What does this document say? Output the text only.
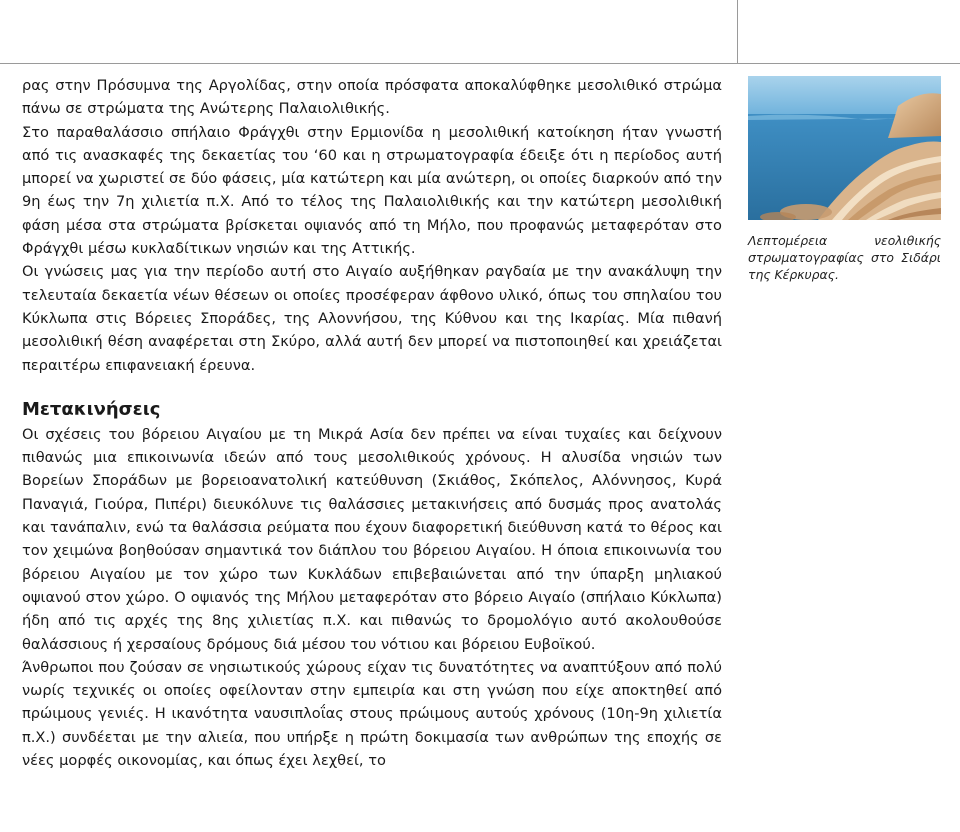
ρας στην Πρόσυμνα της Αργολίδας, στην οποία πρόσφατα αποκαλύφθηκε μεσολιθικό στρώμα πάνω σε στρώματα της Ανώτερης Παλαιολιθικής.

Στο παραθαλάσσιο σπήλαιο Φράγχθι στην Ερμιονίδα η μεσολιθική κατοίκηση ήταν γνωστή από τις ανασκαφές της δεκαετίας του ‘60 και η στρωματογραφία έδειξε ότι η περίοδος αυτή μπορεί να χωριστεί σε δύο φάσεις, μία κατώτερη και μία ανώτερη, οι οποίες διαρκούν από την 9η έως την 7η χιλιετία π.Χ. Από το τέλος της Παλαιολιθικής και την κατώτερη μεσολιθική φάση μέσα στα στρώματα βρίσκεται οψιανός από τη Μήλο, που προφανώς μεταφερόταν στο Φράγχθι μέσω κυκλαδίτικων νησιών και της Αττικής.

Οι γνώσεις μας για την περίοδο αυτή στο Αιγαίο αυξήθηκαν ραγδαία με την ανακάλυψη την τελευταία δεκαετία νέων θέσεων οι οποίες προσέφεραν άφθονο υλικό, όπως του σπηλαίου του Κύκλωπα στις Βόρειες Σποράδες, της Αλοννήσου, της Κύθνου και της Ικαρίας. Μία πιθανή μεσολιθική θέση αναφέρεται στη Σκύρο, αλλά αυτή δεν μπορεί να πιστοποιηθεί και χρειάζεται περαιτέρω επιφανειακή έρευνα.

Μετακινήσεις

Οι σχέσεις του βόρειου Αιγαίου με τη Μικρά Ασία δεν πρέπει να είναι τυχαίες και δείχνουν πιθανώς μια επικοινωνία ιδεών από τους μεσολιθικούς χρόνους. Η αλυσίδα νησιών των Βορείων Σποράδων με βορειοανατολική κατεύθυνση (Σκιάθος, Σκόπελος, Αλόννησος, Κυρά Παναγιά, Γιούρα, Πιπέρι) διευκόλυνε τις θαλάσσιες μετακινήσεις από δυσμάς προς ανατολάς και τανάπαλιν, ενώ τα θαλάσσια ρεύματα που έχουν διαφορετική διεύθυνση κατά το θέρος και τον χειμώνα βοηθούσαν σημαντικά τον διάπλου του βόρειου Αιγαίου. Η όποια επικοινωνία του βόρειου Αιγαίου με τον χώρο των Κυκλάδων επιβεβαιώνεται από την ύπαρξη μηλιακού οψιανού στον χώρο. Ο οψιανός της Μήλου μεταφερόταν στο βόρειο Αιγαίο (σπήλαιο Κύκλωπα) ήδη από τις αρχές της 8ης χιλιετίας π.Χ. και πιθανώς το δρομολόγιο αυτό ακολουθούσε θαλάσσιους ή χερσαίους δρόμους διά μέσου του νότιου και βόρειου Ευβοϊκού.

Άνθρωποι που ζούσαν σε νησιωτικούς χώρους είχαν τις δυνατότητες να αναπτύξουν από πολύ νωρίς τεχνικές οι οποίες οφείλονταν στην εμπειρία και στη γνώση που είχε αποκτηθεί από πρώιμους γενιές. Η ικανότητα ναυσιπλοΐας στους πρώιμους αυτούς χρόνους (10η-9η χιλιετία π.Χ.) συνδέεται με την αλιεία, που υπήρξε η πρώτη δοκιμασία των ανθρώπων της εποχής σε νέες μορφές οικονομίας, και όπως έχει λεχθεί, το

Λεπτομέρεια νεολιθικής στρωματογραφίας στο Σιδάρι της Κέρκυρας.
